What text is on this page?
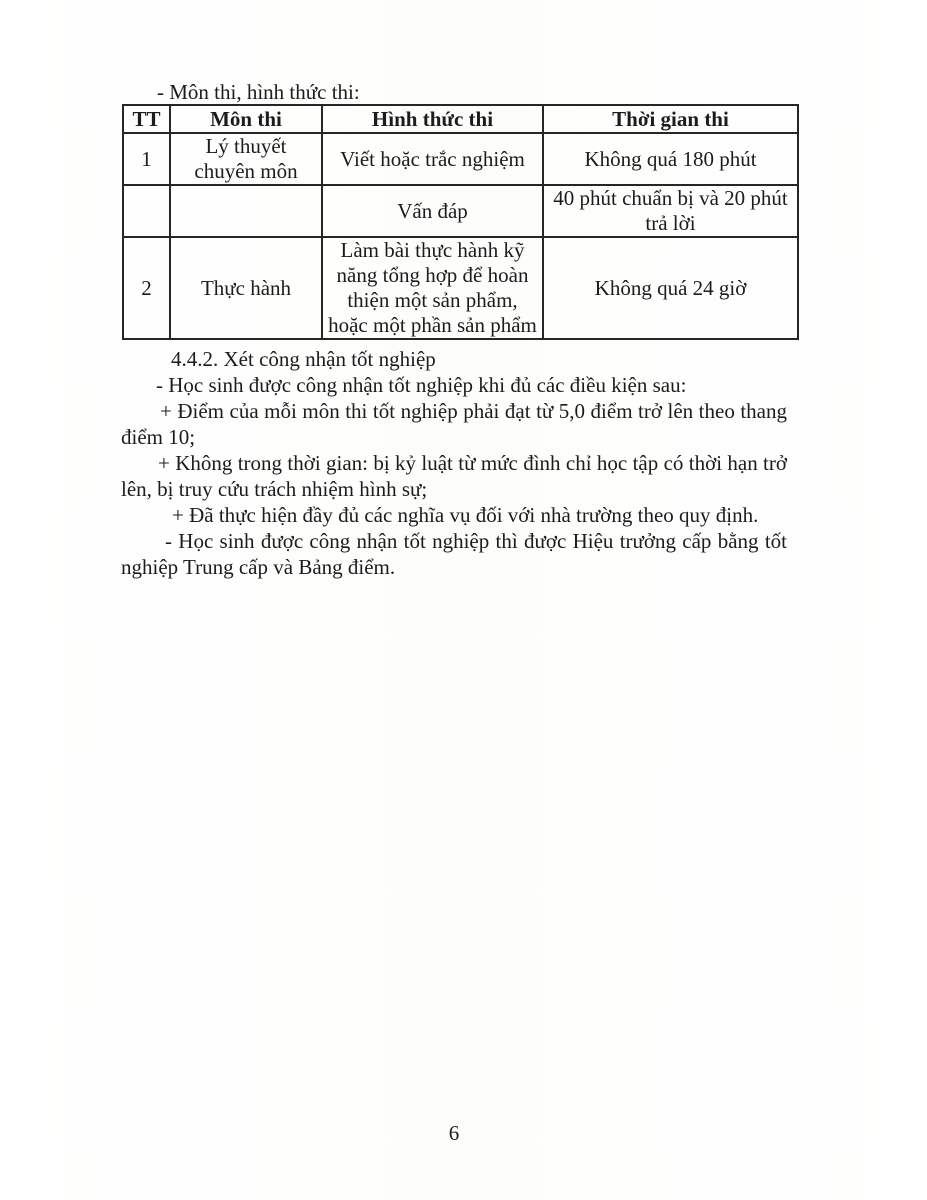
- Môn thi, hình thức thi:

TT	Môn thi	Hình thức thi	Thời gian thi
1	Lý thuyết chuyên môn	Viết hoặc trắc nghiệm	Không quá 180 phút
		Vấn đáp	40 phút chuẩn bị và 20 phút trả lời
2	Thực hành	Làm bài thực hành kỹ năng tổng hợp để hoàn thiện một sản phẩm, hoặc một phần sản phẩm	Không quá 24 giờ

4.4.2. Xét công nhận tốt nghiệp

- Học sinh được công nhận tốt nghiệp khi đủ các điều kiện sau:

+ Điểm của mỗi môn thi tốt nghiệp phải đạt từ 5,0 điểm trở lên theo thang điểm 10;

+ Không trong thời gian: bị kỷ luật từ mức đình chỉ học tập có thời hạn trở lên, bị truy cứu trách nhiệm hình sự;

+ Đã thực hiện đầy đủ các nghĩa vụ đối với nhà trường theo quy định.

- Học sinh được công nhận tốt nghiệp thì được Hiệu trưởng cấp bằng tốt nghiệp Trung cấp và Bảng điểm.

6
